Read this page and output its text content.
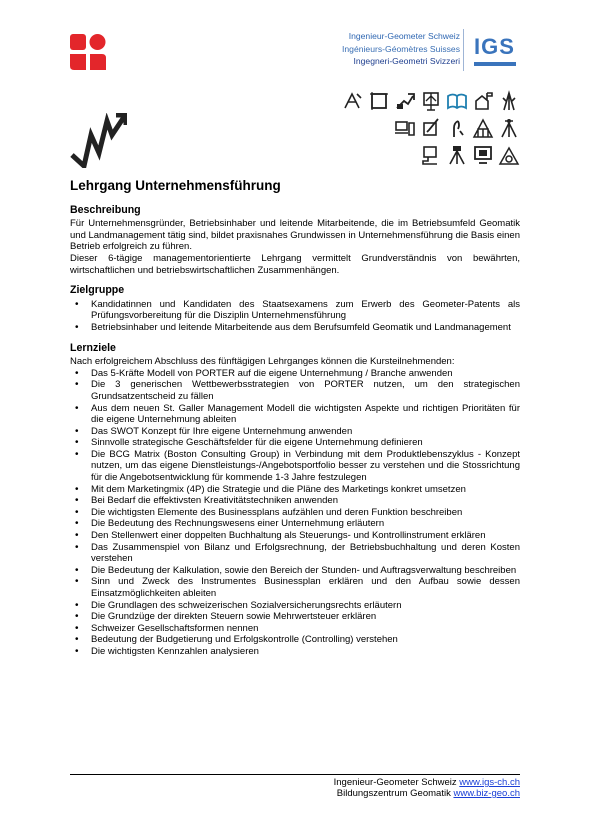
Ingenieur-Geometer Schweiz
Ingénieurs-Géomètres Suisses
Ingegneri-Geometri Svizzeri
IGS
Lehrgang Unternehmensführung
Beschreibung

Für Unternehmensgründer, Betriebsinhaber und leitende Mitarbeitende, die im Betriebsumfeld Geomatik und Landmanagement tätig sind, bildet praxisnahes Grundwissen in Unternehmensführung die Basis einen Betrieb erfolgreich zu führen.

Dieser 6-tägige managementorientierte Lehrgang vermittelt Grundverständnis von bewährten, wirtschaftlichen und betriebswirtschaftlichen Zusammenhängen.

Zielgruppe
• Kandidatinnen und Kandidaten des Staatsexamens zum Erwerb des Geometer-Patents als Prüfungsvorbereitung für die Disziplin Unternehmensführung
• Betriebsinhaber und leitende Mitarbeitende aus dem Berufsumfeld Geomatik und Landmanagement
Lernziele

Nach erfolgreichem Abschluss des fünftägigen Lehrganges können die Kursteilnehmenden:

• Das 5-Kräfte Modell von PORTER auf die eigene Unternehmung / Branche anwenden
• Die 3 generischen Wettbewerbsstrategien von PORTER nutzen, um den strategischen Grundsatzentscheid zu fällen
• Aus dem neuen St. Galler Management Modell die wichtigsten Aspekte und richtigen Prioritäten für die eigene Unternehmung ableiten
• Das SWOT Konzept für Ihre eigene Unternehmung anwenden
• Sinnvolle strategische Geschäftsfelder für die eigene Unternehmung definieren
• Die BCG Matrix (Boston Consulting Group) in Verbindung mit dem Produktlebenszyklus - Konzept nutzen, um das eigene Dienstleistungs-/Angebotsportfolio besser zu verstehen und die Stossrichtung für die Angebotsentwicklung für kommende 1-3 Jahre festzulegen
• Mit dem Marketingmix (4P) die Strategie und die Pläne des Marketings konkret umsetzen
• Bei Bedarf die effektivsten Kreativitätstechniken anwenden
• Die wichtigsten Elemente des Businessplans aufzählen und deren Funktion beschreiben
• Die Bedeutung des Rechnungswesens einer Unternehmung erläutern
• Den Stellenwert einer doppelten Buchhaltung als Steuerungs- und Kontrollinstrument erklären
• Das Zusammenspiel von Bilanz und Erfolgsrechnung, der Betriebsbuchhaltung und deren Kosten verstehen
• Die Bedeutung der Kalkulation, sowie den Bereich der Stunden- und Auftragsverwaltung beschreiben
• Sinn und Zweck des Instrumentes Businessplan erklären und den Aufbau sowie dessen Einsatzmöglichkeiten ableiten
• Die Grundlagen des schweizerischen Sozialversicherungsrechts erläutern
• Die Grundzüge der direkten Steuern sowie Mehrwertsteuer erklären
• Schweizer Gesellschaftsformen nennen
• Bedeutung der Budgetierung und Erfolgskontrolle (Controlling) verstehen
• Die wichtigsten Kennzahlen analysieren
Ingenieur-Geometer Schweiz www.igs-ch.ch
Bildungszentrum Geomatik www.biz-geo.ch
